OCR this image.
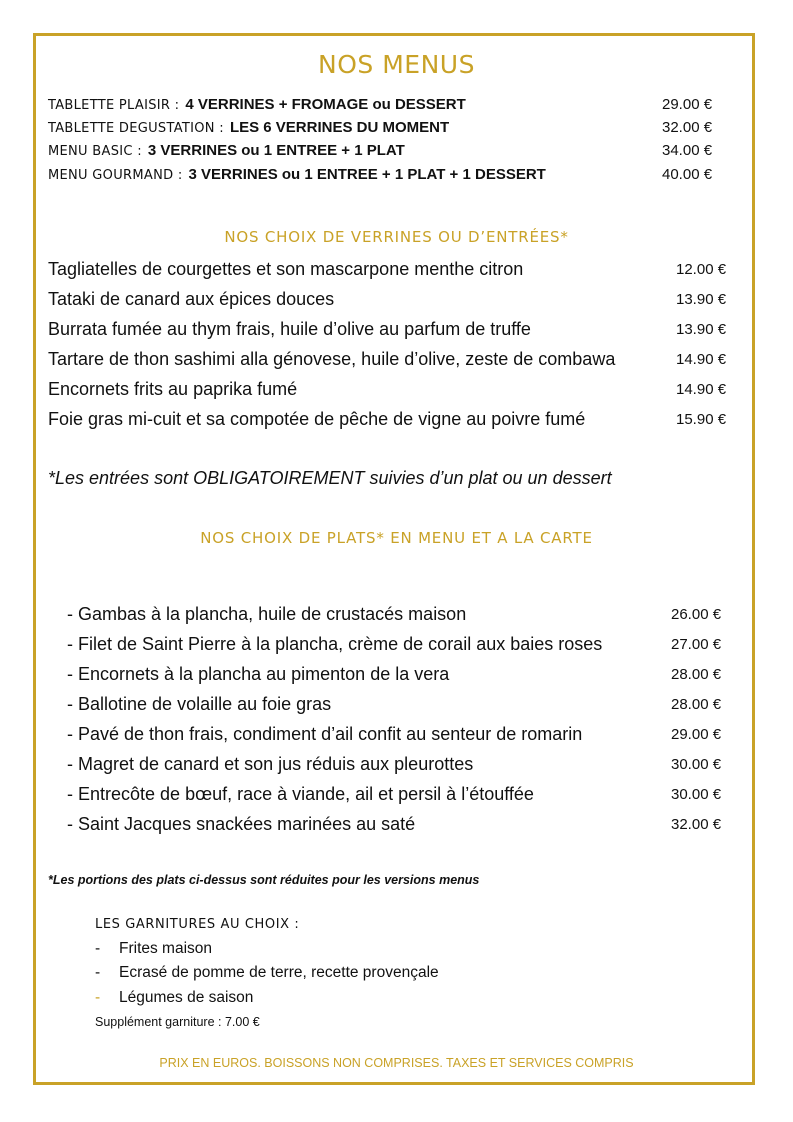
NOS MENUS
TABLETTE PLAISIR : 4 VERRINES + FROMAGE ou DESSERT	29.00 €
TABLETTE DEGUSTATION : LES 6 VERRINES DU MOMENT	32.00 €
MENU BASIC : 3 VERRINES ou 1 ENTREE + 1 PLAT	34.00 €
MENU GOURMAND : 3 VERRINES ou 1 ENTREE + 1 PLAT + 1 DESSERT	40.00 €
NOS CHOIX DE VERRINES OU D’ENTRÉES*
Tagliatelles de courgettes et son mascarpone menthe citron	12.00 €
Tataki de canard aux épices douces	13.90 €
Burrata fumée au thym frais, huile d’olive au parfum de truffe	13.90 €
Tartare de thon sashimi alla génovese, huile d’olive, zeste de combawa	14.90 €
Encornets frits au paprika fumé	14.90 €
Foie gras mi-cuit et sa compotée de pêche de vigne au poivre fumé	15.90 €
*Les entrées sont OBLIGATOIREMENT suivies d’un plat ou un dessert
NOS CHOIX DE PLATS* EN MENU ET A LA CARTE
- Gambas à la plancha, huile de crustacés maison	26.00 €
- Filet de Saint Pierre à la plancha, crème de corail aux baies roses	27.00 €
- Encornets à la plancha au pimenton de la vera	28.00 €
- Ballotine de volaille au foie gras	28.00 €
- Pavé de thon frais, condiment d’ail confit au senteur de romarin	29.00 €
- Magret de canard et son jus réduis aux pleurottes	30.00 €
- Entrecôte de bœuf, race à viande, ail et persil à l’étouffée	30.00 €
- Saint Jacques snackées marinées au saté	32.00 €
*Les portions des plats ci-dessus sont réduites pour les versions menus
LES GARNITURES AU CHOIX :
- Frites maison
- Ecrasé de pomme de terre, recette provençale
- Légumes de saison
Supplément garniture : 7.00 €
PRIX EN EUROS. BOISSONS NON COMPRISES. TAXES ET SERVICES COMPRIS
